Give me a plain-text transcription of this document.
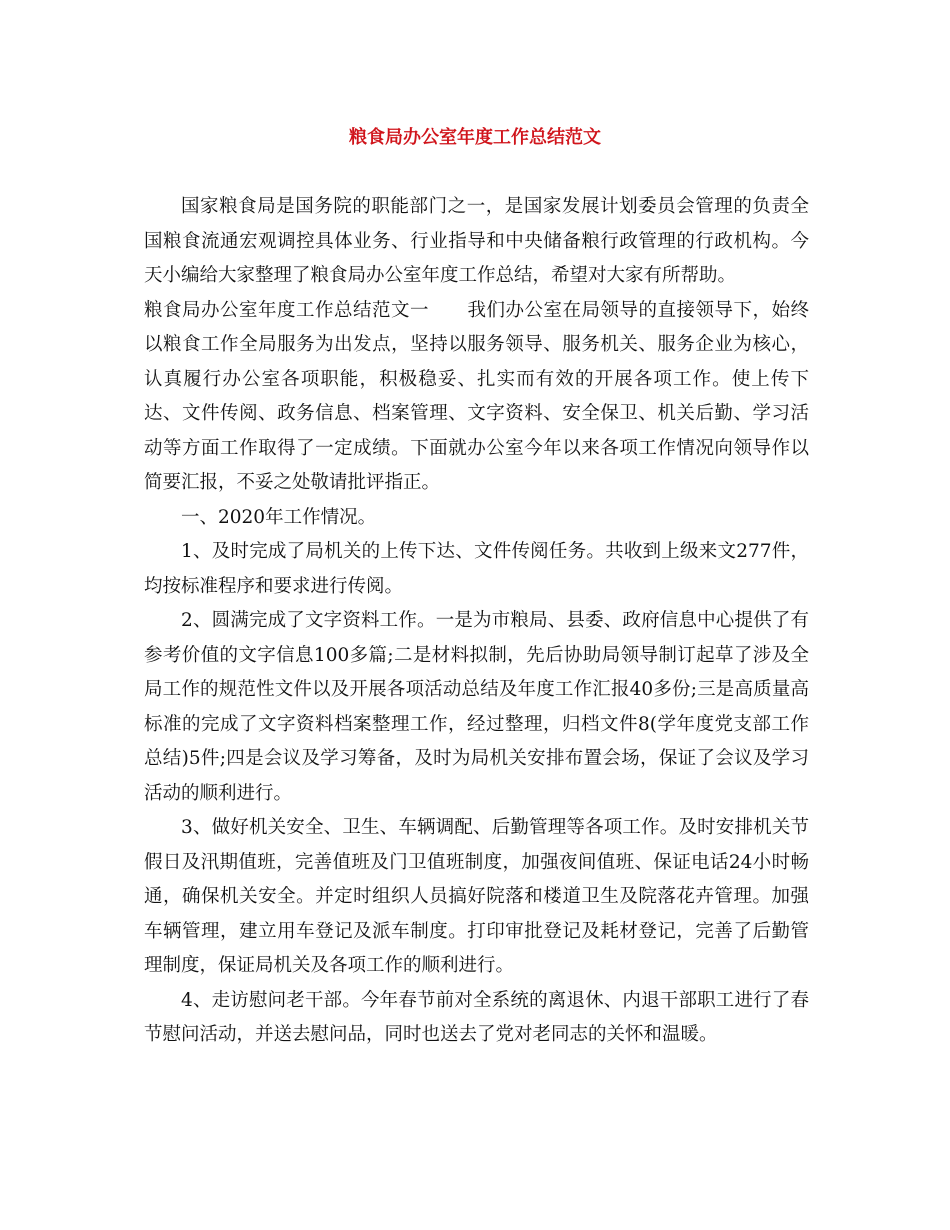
粮食局办公室年度工作总结范文

国家粮食局是国务院的职能部门之一，是国家发展计划委员会管理的负责全国粮食流通宏观调控具体业务、行业指导和中央储备粮行政管理的行政机构。今天小编给大家整理了粮食局办公室年度工作总结，希望对大家有所帮助。

粮食局办公室年度工作总结范文一 我们办公室在局领导的直接领导下，始终以粮食工作全局服务为出发点，坚持以服务领导、服务机关、服务企业为核心，认真履行办公室各项职能，积极稳妥、扎实而有效的开展各项工作。使上传下达、文件传阅、政务信息、档案管理、文字资料、安全保卫、机关后勤、学习活动等方面工作取得了一定成绩。下面就办公室今年以来各项工作情况向领导作以简要汇报，不妥之处敬请批评指正。

一、2020年工作情况。

1、及时完成了局机关的上传下达、文件传阅任务。共收到上级来文277件，均按标准程序和要求进行传阅。

2、圆满完成了文字资料工作。一是为市粮局、县委、政府信息中心提供了有参考价值的文字信息100多篇;二是材料拟制，先后协助局领导制订起草了涉及全局工作的规范性文件以及开展各项活动总结及年度工作汇报40多份;三是高质量高标准的完成了文字资料档案整理工作，经过整理，归档文件8(学年度党支部工作总结)5件;四是会议及学习筹备，及时为局机关安排布置会场，保证了会议及学习活动的顺利进行。

3、做好机关安全、卫生、车辆调配、后勤管理等各项工作。及时安排机关节假日及汛期值班，完善值班及门卫值班制度，加强夜间值班、保证电话24小时畅通，确保机关安全。并定时组织人员搞好院落和楼道卫生及院落花卉管理。加强车辆管理，建立用车登记及派车制度。打印审批登记及耗材登记，完善了后勤管理制度，保证局机关及各项工作的顺利进行。

4、走访慰问老干部。今年春节前对全系统的离退休、内退干部职工进行了春节慰问活动，并送去慰问品，同时也送去了党对老同志的关怀和温暖。
